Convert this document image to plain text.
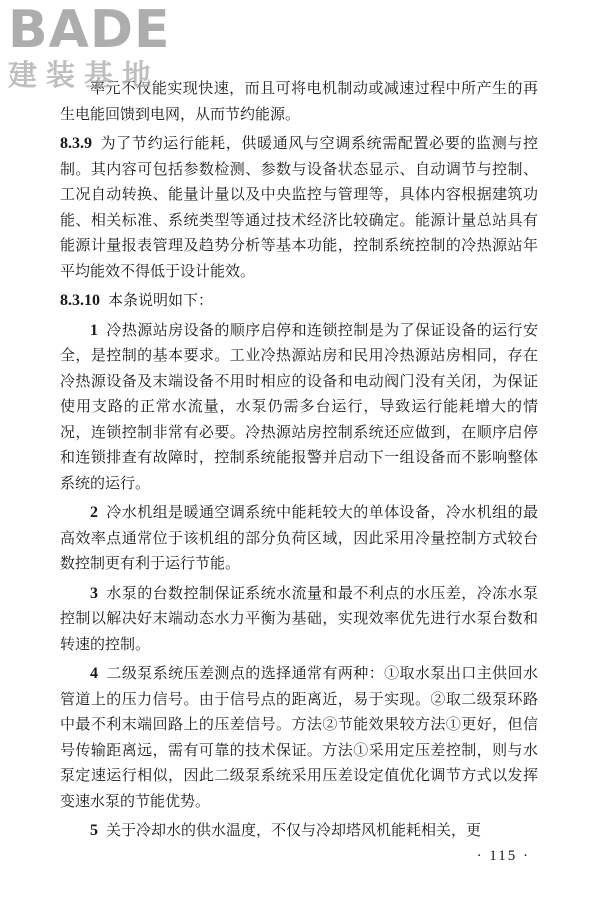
BADE
建装基地

率元不仅能实现快速，而且可将电机制动或减速过程中所产生的再生电能回馈到电网，从而节约能源。

8.3.9 为了节约运行能耗，供暖通风与空调系统需配置必要的监测与控制。其内容可包括参数检测、参数与设备状态显示、自动调节与控制、工况自动转换、能量计量以及中央监控与管理等，具体内容根据建筑功能、相关标准、系统类型等通过技术经济比较确定。能源计量总站具有能源计量报表管理及趋势分析等基本功能，控制系统控制的冷热源站年平均能效不得低于设计能效。

8.3.10 本条说明如下：

1 冷热源站房设备的顺序启停和连锁控制是为了保证设备的运行安全，是控制的基本要求。工业冷热源站房和民用冷热源站房相同，存在冷热源设备及末端设备不用时相应的设备和电动阀门没有关闭，为保证使用支路的正常水流量，水泵仍需多台运行，导致运行能耗增大的情况，连锁控制非常有必要。冷热源站房控制系统还应做到，在顺序启停和连锁排查有故障时，控制系统能报警并启动下一组设备而不影响整体系统的运行。

2 冷水机组是暖通空调系统中能耗较大的单体设备，冷水机组的最高效率点通常位于该机组的部分负荷区域，因此采用冷量控制方式较台数控制更有利于运行节能。

3 水泵的台数控制保证系统水流量和最不利点的水压差，冷冻水泵控制以解决好末端动态水力平衡为基础，实现效率优先进行水泵台数和转速的控制。

4 二级泵系统压差测点的选择通常有两种：①取水泵出口主供回水管道上的压力信号。由于信号点的距离近，易于实现。②取二级泵环路中最不利末端回路上的压差信号。方法②节能效果较方法①更好，但信号传输距离远，需有可靠的技术保证。方法①采用定压差控制，则与水泵定速运行相似，因此二级泵系统采用压差设定值优化调节方式以发挥变速水泵的节能优势。

5 关于冷却水的供水温度，不仅与冷却塔风机能耗相关，更

· 115 ·
